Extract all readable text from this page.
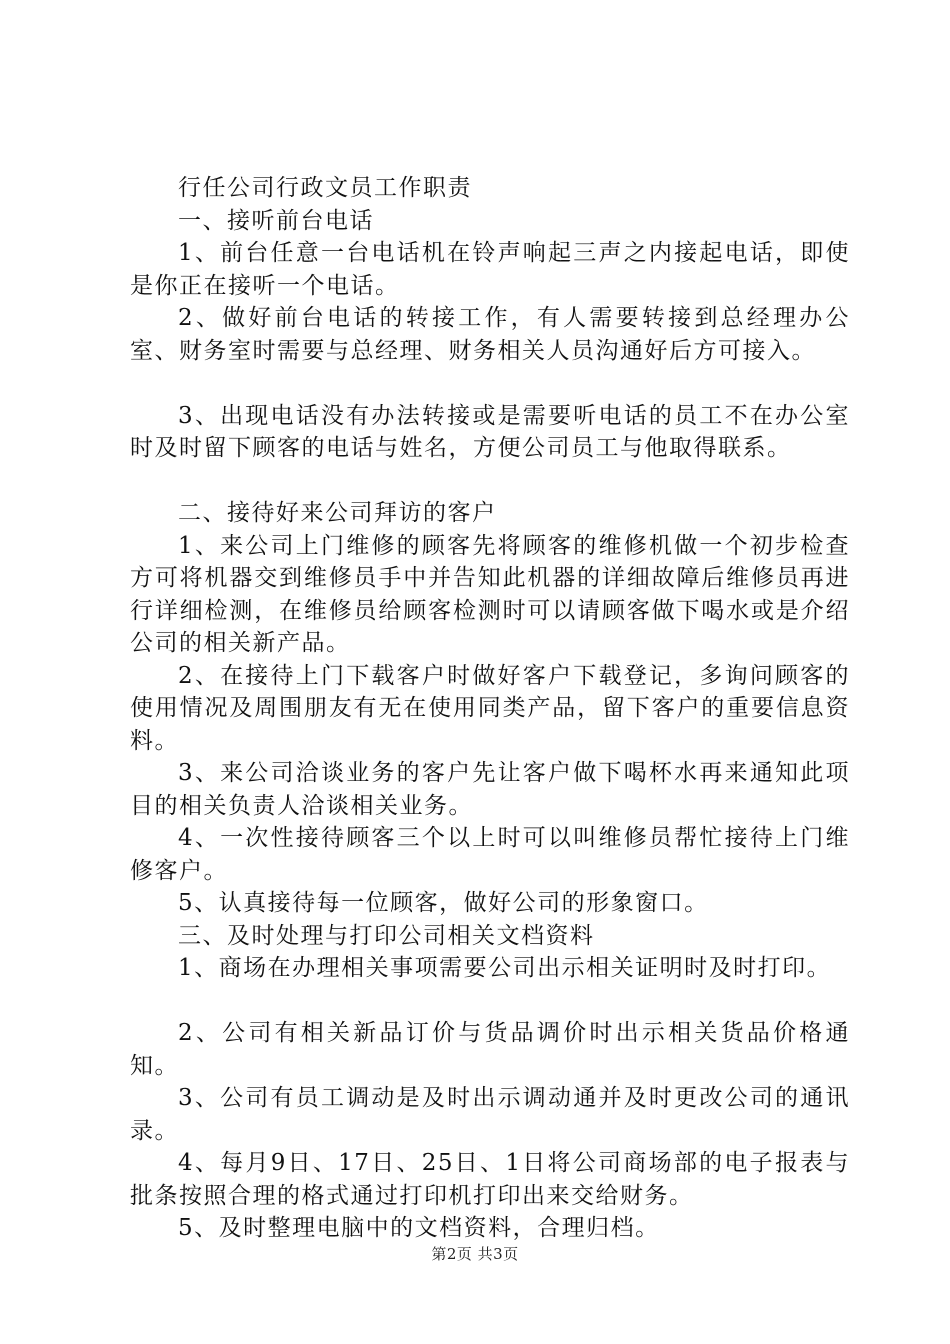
行任公司行政文员工作职责

一、接听前台电话

1、前台任意一台电话机在铃声响起三声之内接起电话，即使是你正在接听一个电话。

2、做好前台电话的转接工作，有人需要转接到总经理办公室、财务室时需要与总经理、财务相关人员沟通好后方可接入。

3、出现电话没有办法转接或是需要听电话的员工不在办公室时及时留下顾客的电话与姓名，方便公司员工与他取得联系。

二、接待好来公司拜访的客户

1、来公司上门维修的顾客先将顾客的维修机做一个初步检查方可将机器交到维修员手中并告知此机器的详细故障后维修员再进行详细检测，在维修员给顾客检测时可以请顾客做下喝水或是介绍公司的相关新产品。

2、在接待上门下载客户时做好客户下载登记，多询问顾客的使用情况及周围朋友有无在使用同类产品，留下客户的重要信息资料。

3、来公司洽谈业务的客户先让客户做下喝杯水再来通知此项目的相关负责人洽谈相关业务。

4、一次性接待顾客三个以上时可以叫维修员帮忙接待上门维修客户。

5、认真接待每一位顾客，做好公司的形象窗口。

三、及时处理与打印公司相关文档资料

1、商场在办理相关事项需要公司出示相关证明时及时打印。

2、公司有相关新品订价与货品调价时出示相关货品价格通知。

3、公司有员工调动是及时出示调动通并及时更改公司的通讯录。

4、每月9日、17日、25日、1日将公司商场部的电子报表与批条按照合理的格式通过打印机打印出来交给财务。

5、及时整理电脑中的文档资料，合理归档。

第2页 共3页
